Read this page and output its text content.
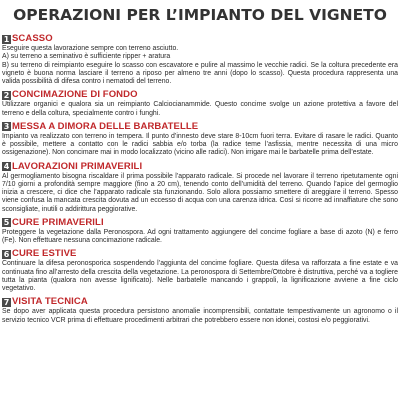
OPERAZIONI PER L’IMPIANTO DEL VIGNETO
1 SCASSO
Eseguire questa lavorazione sempre con terreno asciutto.
A) su terreno a seminativo è sufficiente ripper + aratura
B) su terreno di reimpianto eseguire lo scasso con escavatore e pulire al massimo le vecchie radici. Se la coltura precedente era vigneto è buona norma lasciare il terreno a riposo per almeno tre anni (dopo lo scasso). Questa procedura rappresenta una valida possibilità di difesa contro i nematodi del terreno.
2 CONCIMAZIONE DI FONDO
Utilizzare organici e qualora sia un reimpianto Calciocianammide. Questo concime svolge un azione protettiva a favore del terreno e della coltura, specialmente contro i funghi.
3 MESSA A DIMORA DELLE BARBATELLE
Impianto va realizzato con terreno in tempera. Il punto d’innesto deve stare 8-10cm fuori terra. Evitare di rasare le radici. Quanto è possibile, mettere a contatto con le radici sabbia e/o torba (la radice teme l’asfissia, mentre necessita di una micro ossigenazione). Non concimare mai in modo localizzato (vicino alle radici). Non irrigare mai le barbatelle prima dell’estate.
4 LAVORAZIONI PRIMAVERILI
Al germogliamento bisogna riscaldare il prima possibile l’apparato radicale. Si procede nel lavorare il terreno ripetutamente ogni 7/10 giorni a profondità sempre maggiore (fino a 20 cm), tenendo conto dell’umidità del terreno. Quando l’apice del germoglio inizia a crescere, ci dice che l’apparato radicale sta funzionando. Solo allora possiamo smettere di areggiare il terreno. Spesso viene confusa la mancata crescita dovuta ad un eccesso di acqua con una carenza idrica. Così si ricorre ad innaffiature che sono sconsigliate, inutili o addirittura peggiorative.
5 CURE PRIMAVERILI
Proteggere la vegetazione dalla Peronospora. Ad ogni trattamento aggiungere del concime fogliare a base di azoto (N) e ferro (Fe). Non effettuare nessuna concimazione radicale.
6 CURE ESTIVE
Continuare la difesa peronosporica sospendendo l’aggiunta del concime fogliare. Questa difesa va rafforzata a fine estate e va continuata fino all’arresto della crescita della vegetazione. La peronospora di Settembre/Ottobre è distruttiva, perché va a togliere tutta la pianta (qualora non avesse lignificato). Nelle barbatelle mancando i grappoli, la lignificazione avviene a fine ciclo vegetativo.
7 VISITA TECNICA
Se dopo aver applicata questa procedura persistono anomalie incomprensibili, contattate tempestivamente un agronomo o il servizio tecnico VCR prima di effettuare procedimenti arbitrari che potrebbero essere non idonei, costosi e/o peggiorativi.
